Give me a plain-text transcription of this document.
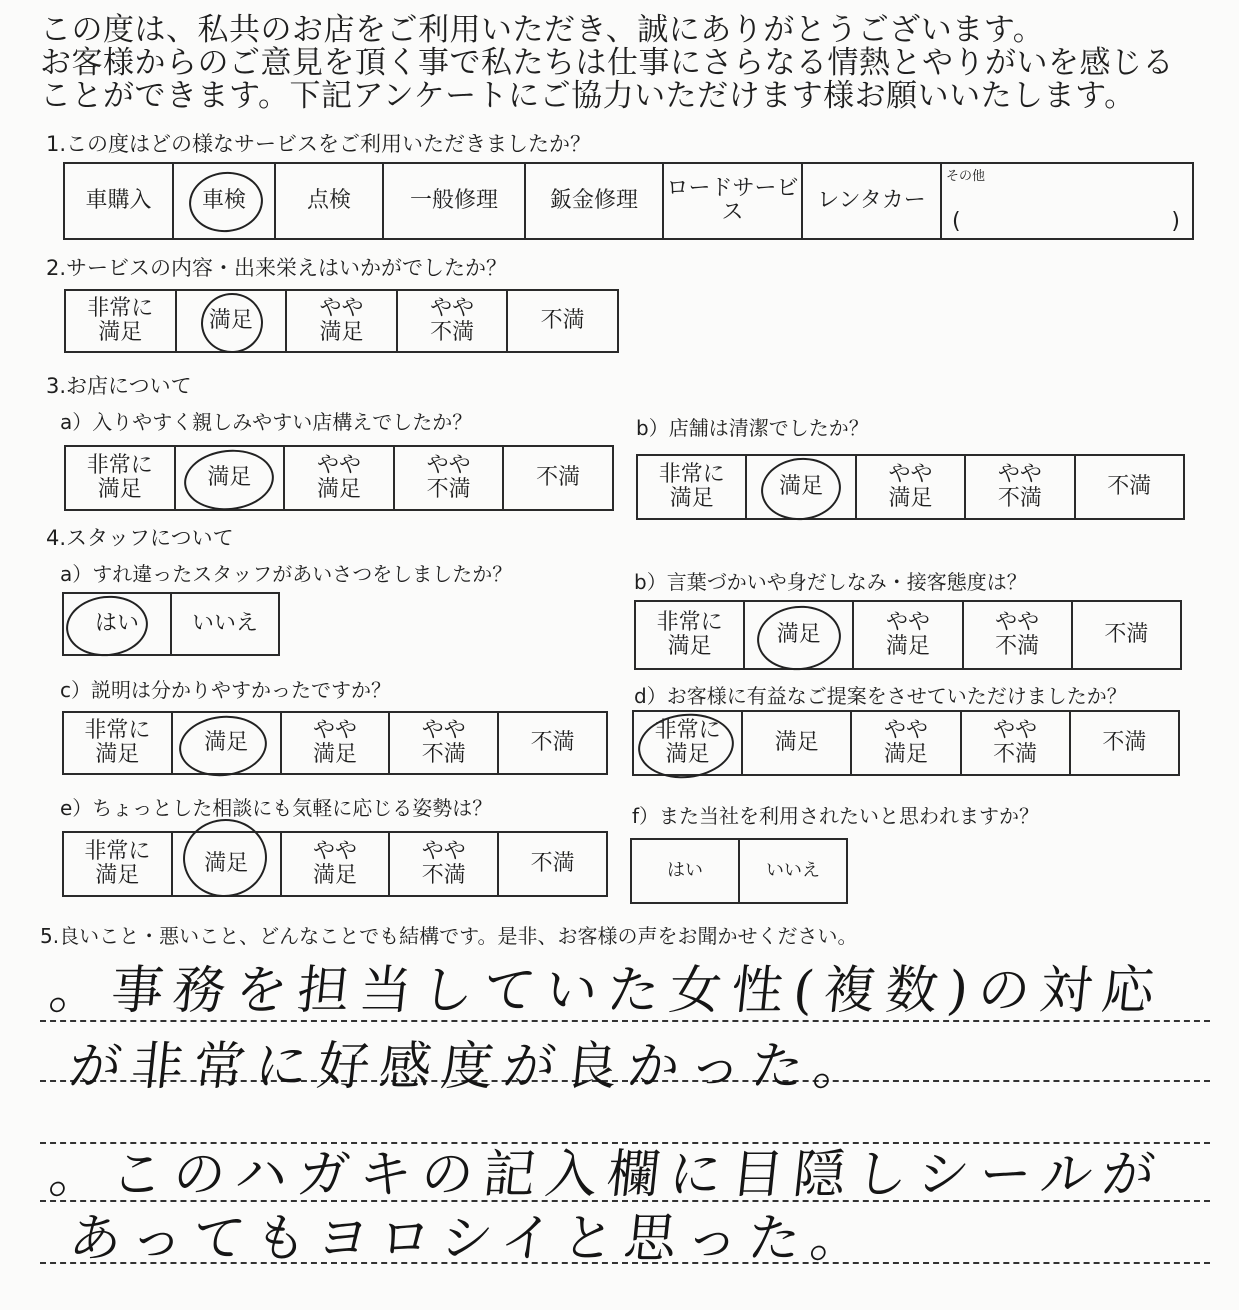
この度は、私共のお店をご利用いただき、誠にありがとうございます。
お客様からのご意見を頂く事で私たちは仕事にさらなる情熱とやりがいを感じる
ことができます。下記アンケートにご協力いただけます様お願いいたします。
1.この度はどの様なサービスをご利用いただきましたか？
車購入	車検	点検	一般修理	鈑金修理	ロードサービス	レンタカー	
その他
(	)
2.サービスの内容・出来栄えはいかがでしたか？
非常に
満足	満足	やや
満足	やや
不満	不満
3.お店について
a）入りやすく親しみやすい店構えでしたか？
非常に
満足	満足	やや
満足	やや
不満	不満
b）店舗は清潔でしたか？
非常に
満足	満足	やや
満足	やや
不満	不満
4.スタッフについて
a）すれ違ったスタッフがあいさつをしましたか？
はい	いいえ
b）言葉づかいや身だしなみ・接客態度は？
非常に
満足	満足	やや
満足	やや
不満	不満
c）説明は分かりやすかったですか？
非常に
満足	満足	やや
満足	やや
不満	不満
d）お客様に有益なご提案をさせていただけましたか？
非常に
満足	満足	やや
満足	やや
不満	不満
e）ちょっとした相談にも気軽に応じる姿勢は？
非常に
満足	満足	やや
満足	やや
不満	不満
f）また当社を利用されたいと思われますか？
はい	いいえ
5.良いこと・悪いこと、どんなことでも結構です。是非、お客様の声をお聞かせください。
。事務を担当していた女性(複数)の対応
が非常に好感度が良かった。
。このハガキの記入欄に目隠しシールが
あってもヨロシイと思った。
